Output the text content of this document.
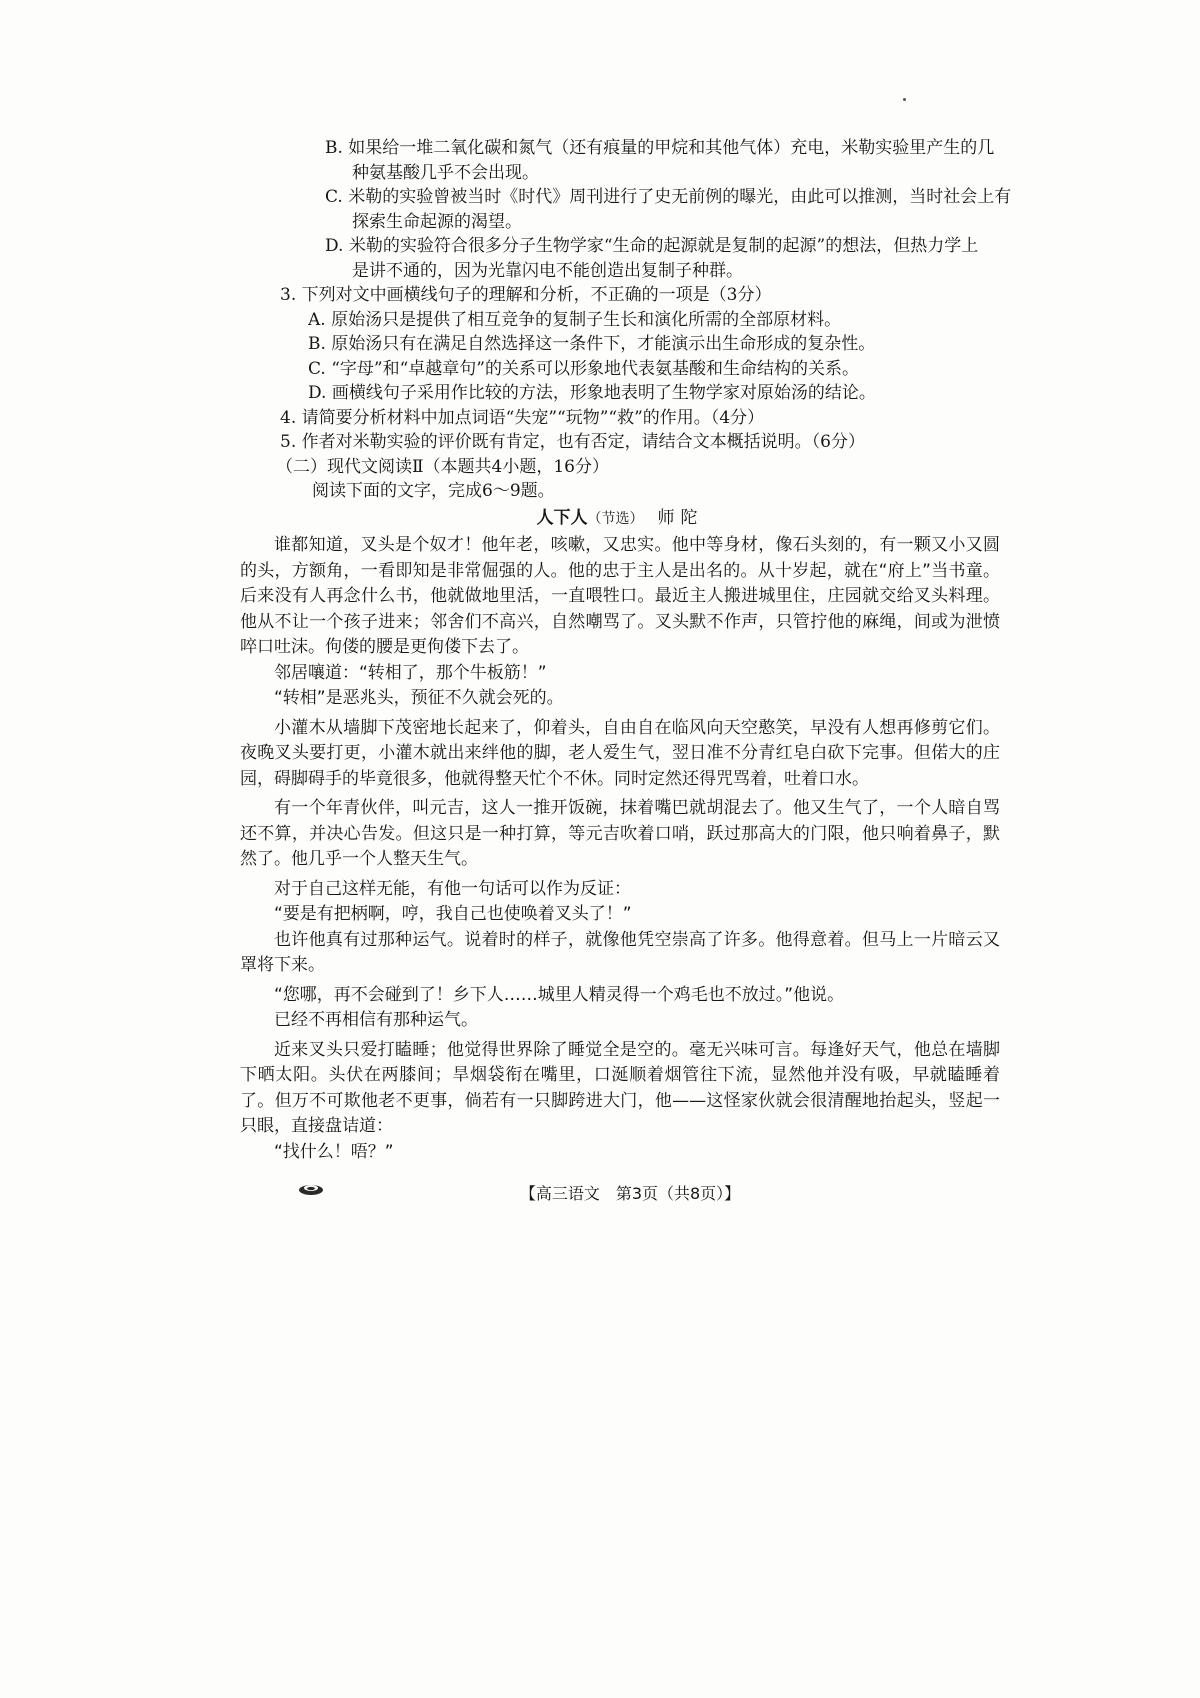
B. 如果给一堆二氧化碳和氮气（还有痕量的甲烷和其他气体）充电，米勒实验里产生的几

种氨基酸几乎不会出现。

C. 米勒的实验曾被当时《时代》周刊进行了史无前例的曝光，由此可以推测，当时社会上有

探索生命起源的渴望。

D. 米勒的实验符合很多分子生物学家“生命的起源就是复制的起源”的想法，但热力学上

是讲不通的，因为光靠闪电不能创造出复制子种群。

3. 下列对文中画横线句子的理解和分析，不正确的一项是（3分）

A. 原始汤只是提供了相互竞争的复制子生长和演化所需的全部原材料。

B. 原始汤只有在满足自然选择这一条件下，才能演示出生命形成的复杂性。

C. “字母”和“卓越章句”的关系可以形象地代表氨基酸和生命结构的关系。

D. 画横线句子采用作比较的方法，形象地表明了生物学家对原始汤的结论。

4. 请简要分析材料中加点词语“失宠”“玩物”“救”的作用。（4分）

5. 作者对米勒实验的评价既有肯定，也有否定，请结合文本概括说明。（6分）

（二）现代文阅读Ⅱ（本题共4小题，16分）

阅读下面的文字，完成6～9题。

人下人（节选） 师陀

谁都知道，叉头是个奴才！他年老，咳嗽，又忠实。他中等身材，像石头刻的，有一颗又小又圆的头，方额角，一看即知是非常倔强的人。他的忠于主人是出名的。从十岁起，就在“府上”当书童。后来没有人再念什么书，他就做地里活，一直喂牲口。最近主人搬进城里住，庄园就交给叉头料理。他从不让一个孩子进来；邻舍们不高兴，自然嘲骂了。叉头默不作声，只管拧他的麻绳，间或为泄愤啐口吐沫。佝偻的腰是更佝偻下去了。

邻居嚷道：“转相了，那个牛板筋！”

“转相”是恶兆头，预征不久就会死的。

小灌木从墙脚下茂密地长起来了，仰着头，自由自在临风向天空憨笑，早没有人想再修剪它们。夜晚叉头要打更，小灌木就出来绊他的脚，老人爱生气，翌日准不分青红皂白砍下完事。但偌大的庄园，碍脚碍手的毕竟很多，他就得整天忙个不休。同时定然还得咒骂着，吐着口水。

有一个年青伙伴，叫元吉，这人一推开饭碗，抹着嘴巴就胡混去了。他又生气了，一个人暗自骂还不算，并决心告发。但这只是一种打算，等元吉吹着口哨，跃过那高大的门限，他只响着鼻子，默然了。他几乎一个人整天生气。

对于自己这样无能，有他一句话可以作为反证：

“要是有把柄啊，哼，我自己也使唤着叉头了！”

也许他真有过那种运气。说着时的样子，就像他凭空崇高了许多。他得意着。但马上一片暗云又罩将下来。

“您哪，再不会碰到了！乡下人……城里人精灵得一个鸡毛也不放过。”他说。

已经不再相信有那种运气。

近来叉头只爱打瞌睡；他觉得世界除了睡觉全是空的。毫无兴味可言。每逢好天气，他总在墙脚下晒太阳。头伏在两膝间；旱烟袋衔在嘴里，口涎顺着烟管往下流，显然他并没有吸，早就瞌睡着了。但万不可欺他老不更事，倘若有一只脚跨进大门，他——这怪家伙就会很清醒地抬起头，竖起一只眼，直接盘诘道：

“找什么！唔？”

【高三语文　第3页（共8页）】
